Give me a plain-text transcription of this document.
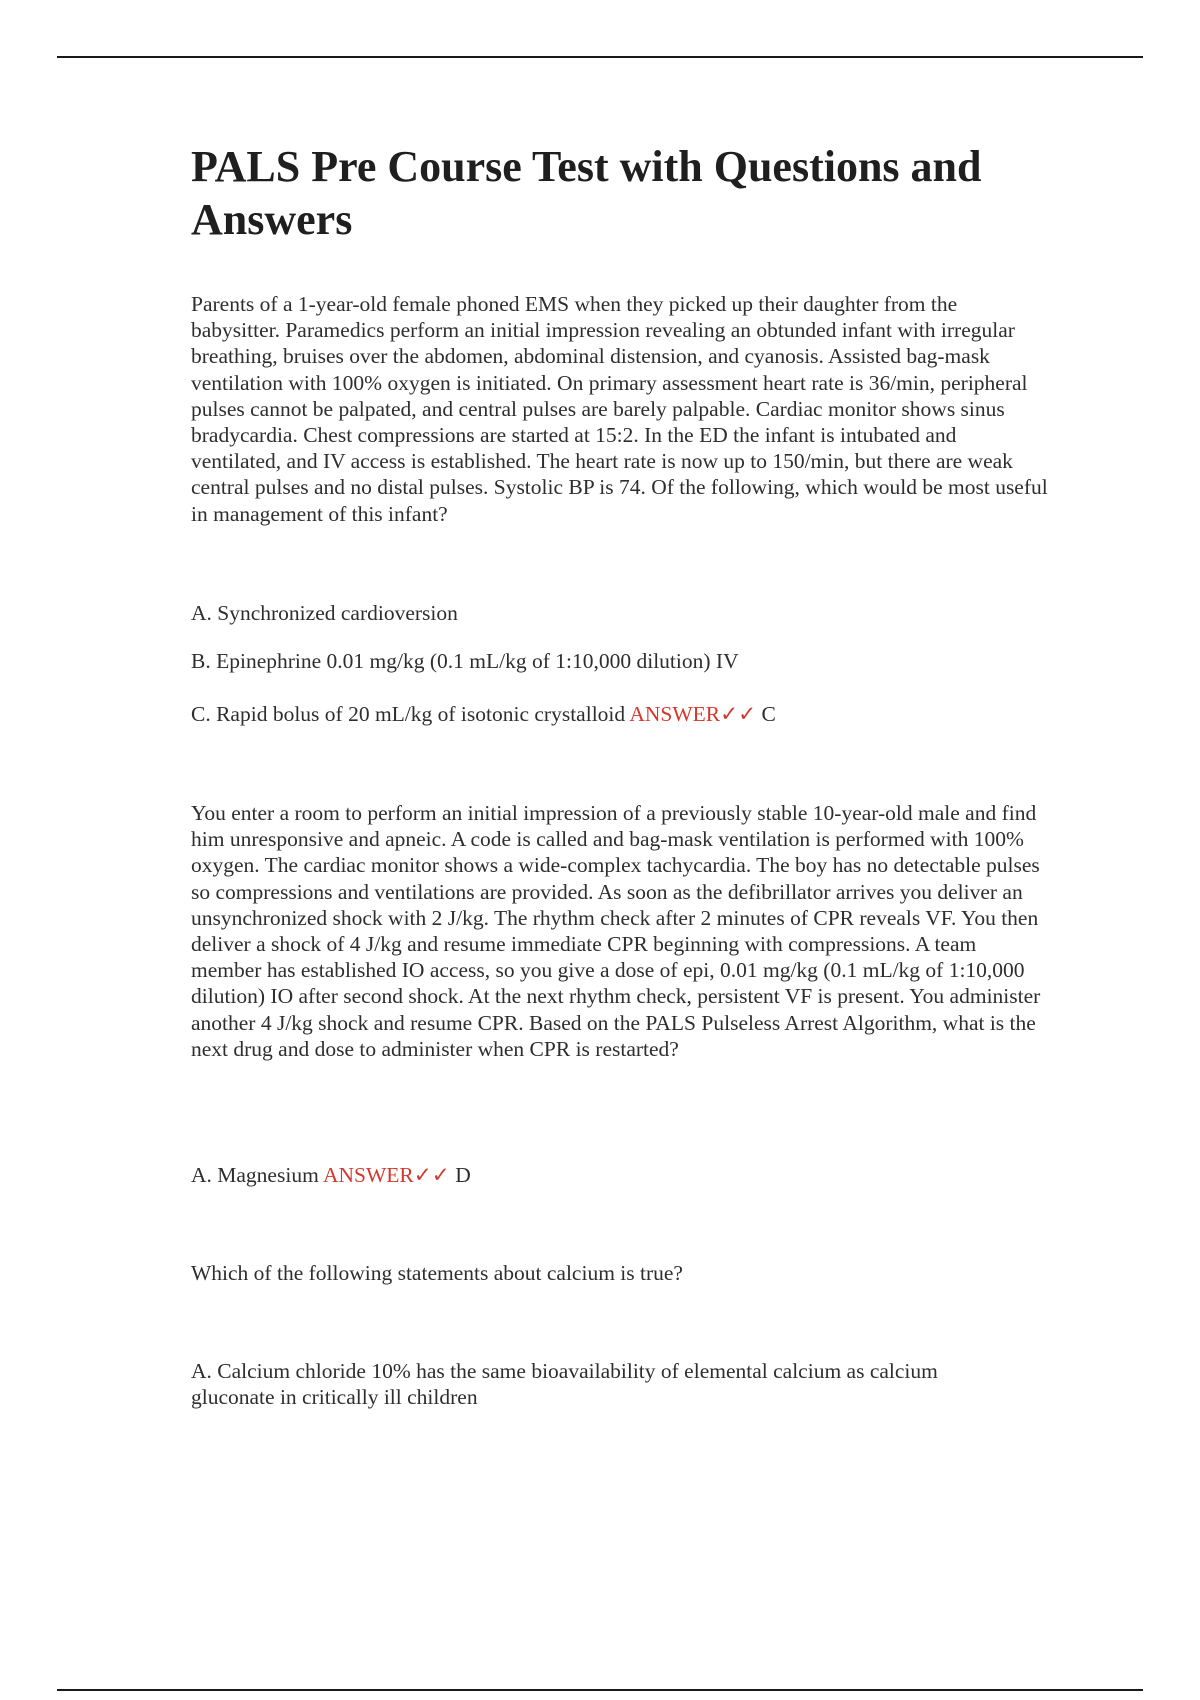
PALS Pre Course Test with Questions and Answers

Parents of a 1-year-old female phoned EMS when they picked up their daughter from the babysitter. Paramedics perform an initial impression revealing an obtunded infant with irregular breathing, bruises over the abdomen, abdominal distension, and cyanosis. Assisted bag-mask ventilation with 100% oxygen is initiated. On primary assessment heart rate is 36/min, peripheral pulses cannot be palpated, and central pulses are barely palpable. Cardiac monitor shows sinus bradycardia. Chest compressions are started at 15:2. In the ED the infant is intubated and ventilated, and IV access is established. The heart rate is now up to 150/min, but there are weak central pulses and no distal pulses. Systolic BP is 74. Of the following, which would be most useful in management of this infant?

A. Synchronized cardioversion

B. Epinephrine 0.01 mg/kg (0.1 mL/kg of 1:10,000 dilution) IV

C. Rapid bolus of 20 mL/kg of isotonic crystalloid ANSWER✓✓ C

You enter a room to perform an initial impression of a previously stable 10-year-old male and find him unresponsive and apneic. A code is called and bag-mask ventilation is performed with 100% oxygen. The cardiac monitor shows a wide-complex tachycardia. The boy has no detectable pulses so compressions and ventilations are provided. As soon as the defibrillator arrives you deliver an unsynchronized shock with 2 J/kg. The rhythm check after 2 minutes of CPR reveals VF. You then deliver a shock of 4 J/kg and resume immediate CPR beginning with compressions. A team member has established IO access, so you give a dose of epi, 0.01 mg/kg (0.1 mL/kg of 1:10,000 dilution) IO after second shock. At the next rhythm check, persistent VF is present. You administer another 4 J/kg shock and resume CPR. Based on the PALS Pulseless Arrest Algorithm, what is the next drug and dose to administer when CPR is restarted?

A. Magnesium ANSWER✓✓ D

Which of the following statements about calcium is true?

A. Calcium chloride 10% has the same bioavailability of elemental calcium as calcium gluconate in critically ill children
